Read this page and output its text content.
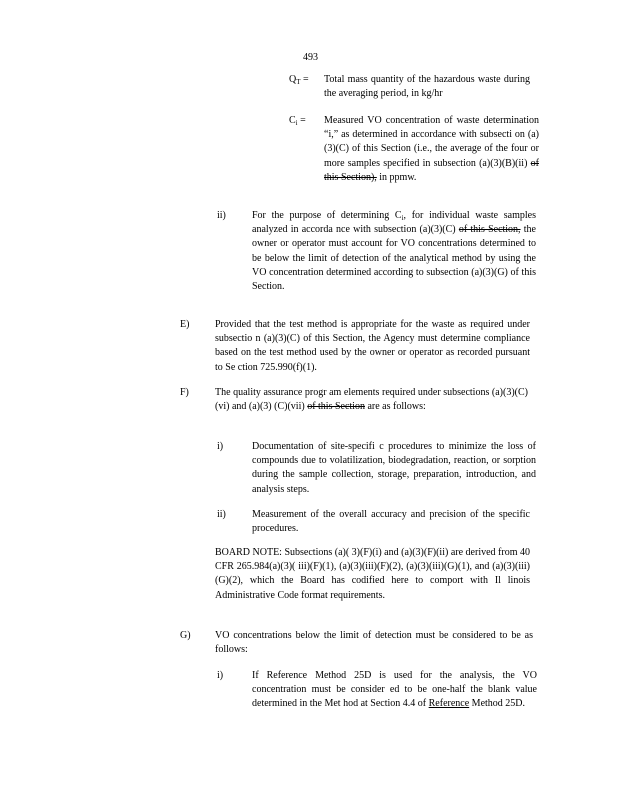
493
$Q_T$ = Total mass quantity of the hazardous waste during the averaging period, in kg/hr
$C_i$ = Measured VO concentration of waste determination “i,” as determined in accordance with subsecti on (a)(3)(C) of this Section (i.e., the average of the four or more samples specified in subsection (a)(3)(B)(ii) of this Section), in ppmw.
ii)	For the purpose of determining $C_i$, for individual waste samples analyzed in accorda nce with subsection (a)(3)(C) of this Section, the owner or operator must account for VO concentrations determined to be below the limit of detection of the analytical method by using the VO concentration determined according to subsection (a)(3)(G) of this Section.
E)	Provided that the test method is appropriate for the waste as required under subsectio n (a)(3)(C) of this Section, the Agency must determine compliance based on the test method used by the owner or operator as recorded pursuant to Se ction 725.990(f)(1).
F)	The quality assurance progr am elements required under subsections (a)(3)(C)(vi) and (a)(3) (C)(vii) of this Section are as follows:
i)	Documentation of site-specifi c procedures to minimize the loss of compounds due to volatilization, biodegradation, reaction, or sorption during the sample collection, storage, preparation, introduction, and analysis steps.
ii)	Measurement of the overall accuracy and precision of the specific procedures.
BOARD NOTE: Subsections (a)( 3)(F)(i) and (a)(3)(F)(ii) are derived from 40 CFR 265.984(a)(3)( iii)(F)(1), (a)(3)(iii)(F)(2), (a)(3)(iii)(G)(1), and (a)(3)(iii)(G)(2), which the Board has codified here to comport with Il linois Administrative Code format requirements.
G) VO concentrations below the limit of detection must be considered to be as follows:
i)	If Reference Method 25D is used for the analysis, the VO concentration must be consider ed to be one-half the blank value determined in the Met hod at Section 4.4 of Reference Method 25D.
